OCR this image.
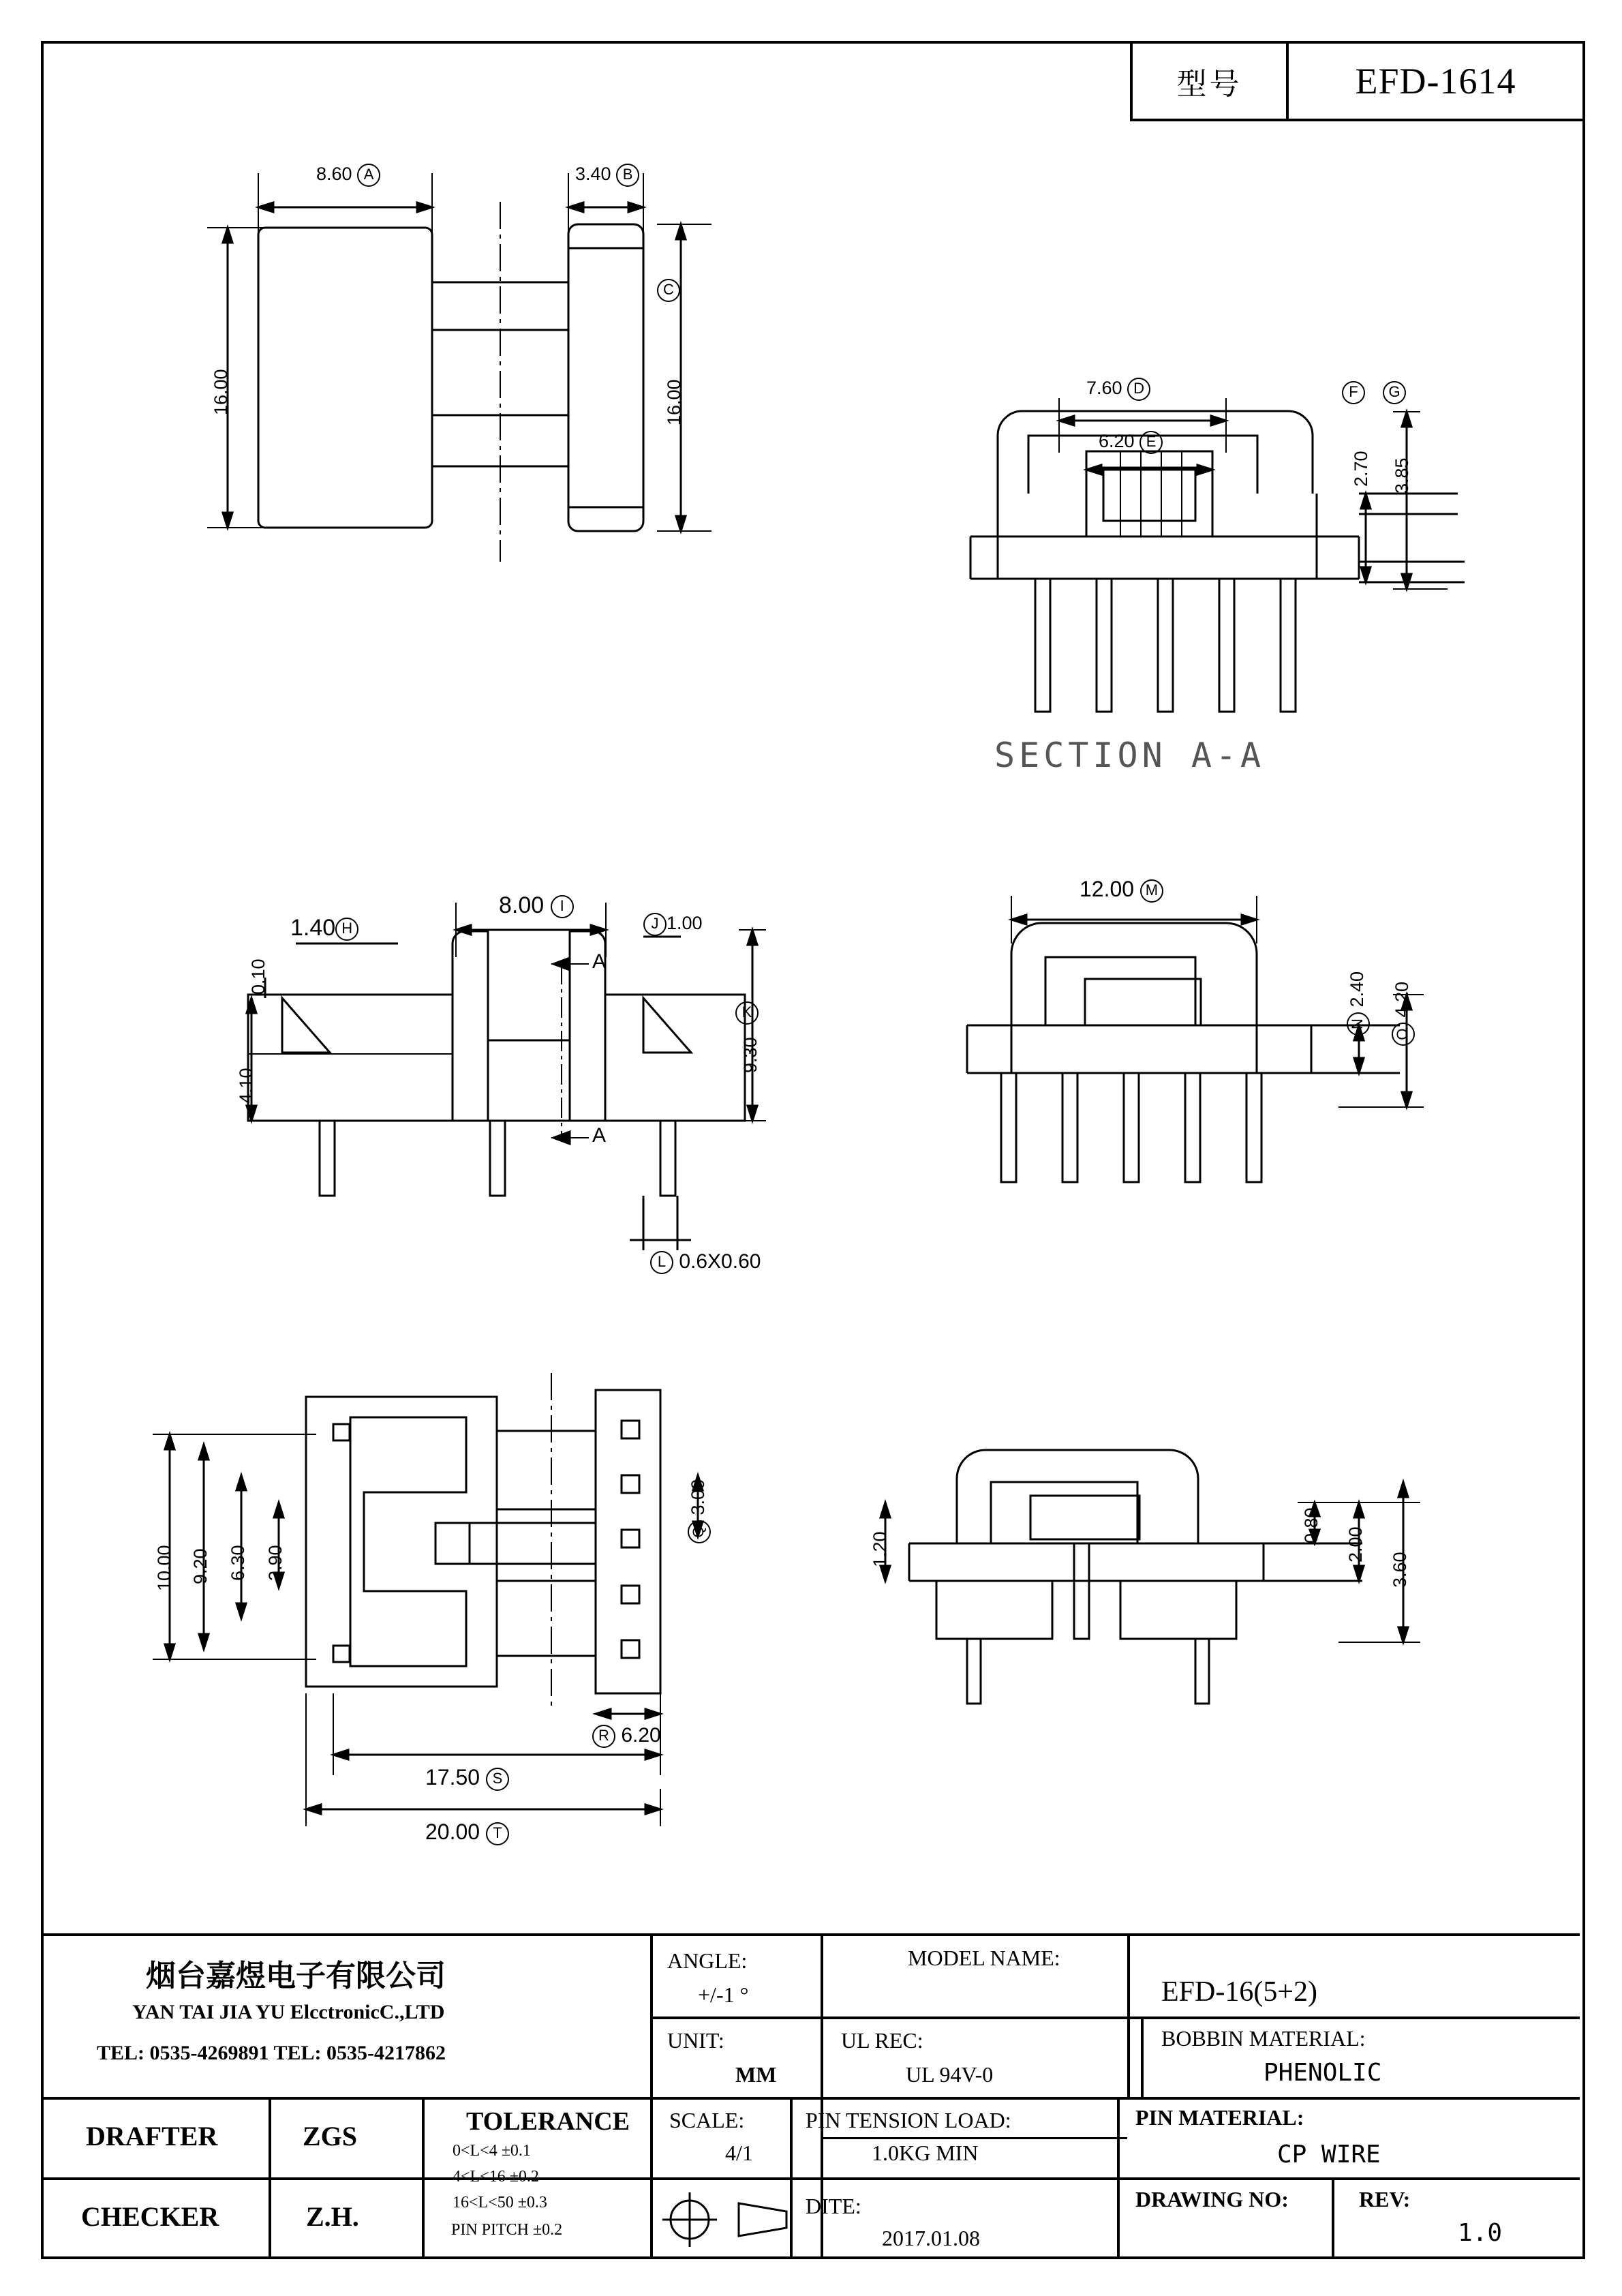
型号	EFD-1614
8.60 A	3.40 B
16.00	16.00
C
7.60 D
6.20 E
2.70
F
3.85
G
SECTION A-A
1.40 H
8.00 I
J 1.00
9.30
K
0.10
4.10
A
A
L 0.6X0.60
12.00 M
N 2.40
O 4.20
10.00 9.20 6.30 3.90
Q 3.00
R 6.20
17.50 S
20.00 T
1.20
0.80
2.00
3.60
烟台嘉煜电子有限公司
YAN TAI JIA YU ElcctronicC.,LTD
TEL: 0535-4269891 TEL: 0535-4217862
ANGLE:
+/-1 °
MODEL NAME:
EFD-16(5+2)
UNIT:
MM
UL REC:
UL 94V-0
BOBBIN MATERIAL:
PHENOLIC
DRAFTER	ZGS
CHECKER	Z.H.
TOLERANCE
0<L<4 ±0.1
4<L<16 ±0.2
16<L<50 ±0.3
PIN PITCH ±0.2
SCALE:
4/1
PIN TENSION LOAD:
1.0KG MIN
PIN MATERIAL:
CP WIRE
DITE:
2017.01.08
DRAWING NO:	REV:
1.0
